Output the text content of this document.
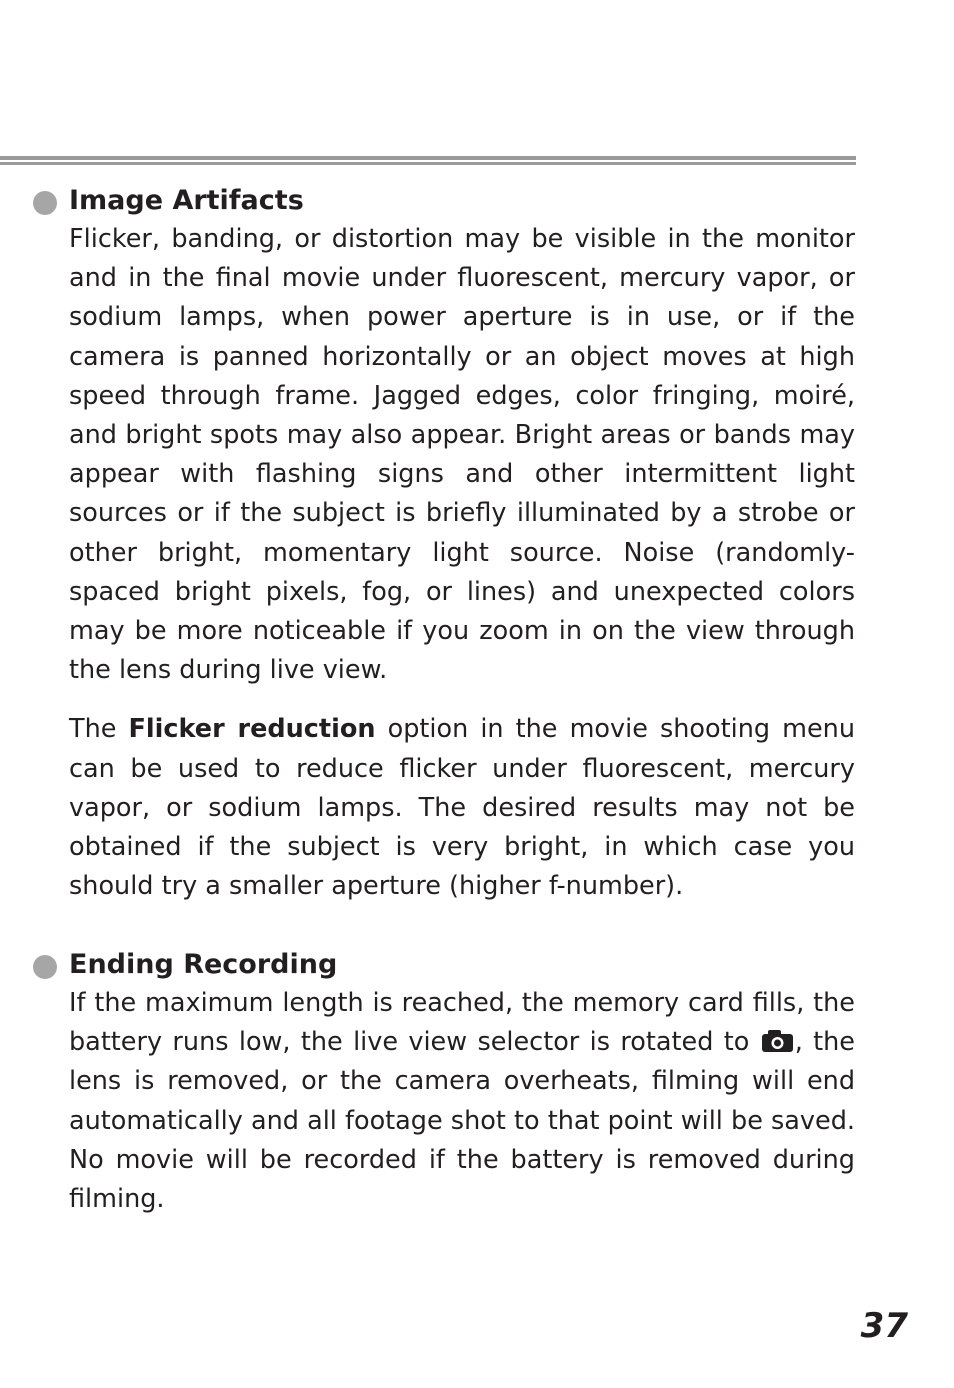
Image Artifacts

Flicker, banding, or distortion may be visible in the monitor and in the final movie under fluorescent, mercury vapor, or sodium lamps, when power aperture is in use, or if the camera is panned horizontally or an object moves at high speed through frame. Jagged edges, color fringing, moiré, and bright spots may also appear. Bright areas or bands may appear with flashing signs and other intermittent light sources or if the subject is briefly illuminated by a strobe or other bright, momentary light source. Noise (randomly-spaced bright pixels, fog, or lines) and unexpected colors may be more noticeable if you zoom in on the view through the lens during live view.

The Flicker reduction option in the movie shooting menu can be used to reduce flicker under fluorescent, mercury vapor, or sodium lamps. The desired results may not be obtained if the subject is very bright, in which case you should try a smaller aperture (higher f-number).

Ending Recording

If the maximum length is reached, the memory card fills, the battery runs low, the live view selector is rotated to , the lens is removed, or the camera overheats, filming will end automatically and all footage shot to that point will be saved. No movie will be recorded if the battery is removed during filming.

37
